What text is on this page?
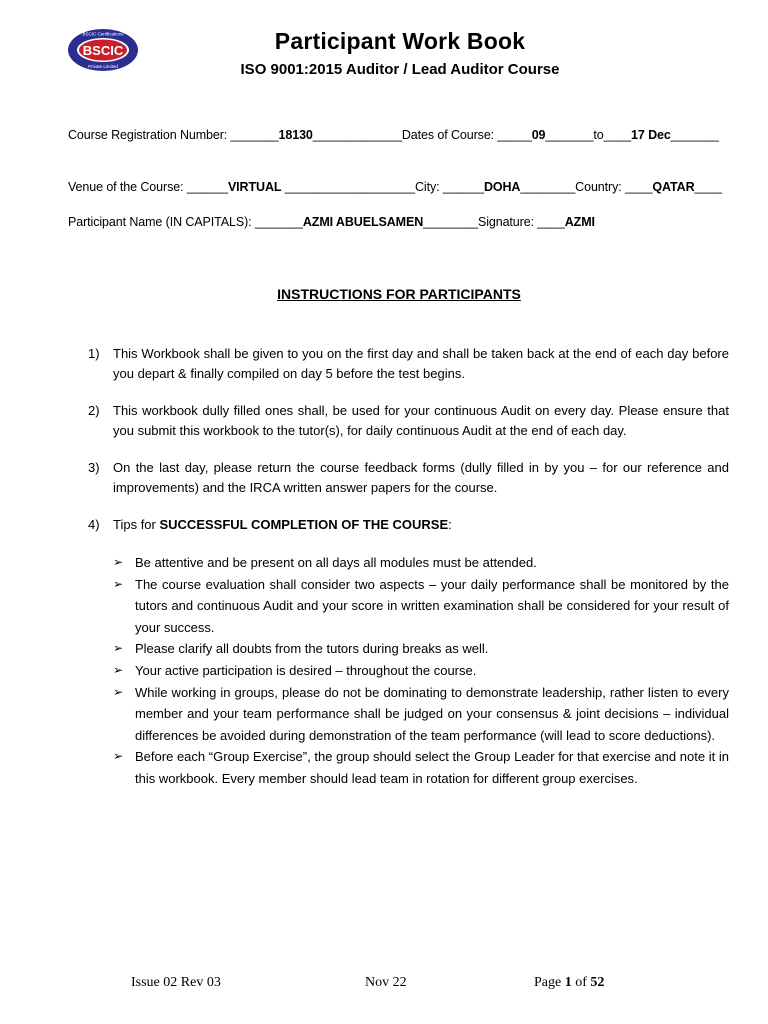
BSCIC
BSCIC Certifications
Private Limited
Participant Work Book
ISO 9001:2015 Auditor / Lead Auditor Course
Course Registration Number: _______18130_____________Dates of Course: _____09_______to____17 Dec_______
Venue of the Course: ______VIRTUAL ___________________City: ______DOHA________Country: ____QATAR____
Participant Name (IN CAPITALS): _______AZMI ABUELSAMEN________Signature: ____AZMI
INSTRUCTIONS FOR PARTICIPANTS
1)	This Workbook shall be given to you on the first day and shall be taken back at the end of each day before you depart & finally compiled on day 5 before the test begins.
2)	This workbook dully filled ones shall, be used for your continuous Audit on every day. Please ensure that you submit this workbook to the tutor(s), for daily continuous Audit at the end of each day.
3)	On the last day, please return the course feedback forms (dully filled in by you – for our reference and improvements) and the IRCA written answer papers for the course.
4)	Tips for SUCCESSFUL COMPLETION OF THE COURSE:
➢ Be attentive and be present on all days all modules must be attended.
➢ The course evaluation shall consider two aspects – your daily performance shall be monitored by the tutors and continuous Audit and your score in written examination shall be considered for your result of your success.
➢ Please clarify all doubts from the tutors during breaks as well.
➢ Your active participation is desired – throughout the course.
➢ While working in groups, please do not be dominating to demonstrate leadership, rather listen to every member and your team performance shall be judged on your consensus & joint decisions – individual differences be avoided during demonstration of the team performance (will lead to score deductions).
➢ Before each “Group Exercise”, the group should select the Group Leader for that exercise and note it in this workbook. Every member should lead team in rotation for different group exercises.
Issue 02 Rev 03	Nov 22	Page 1 of 52
